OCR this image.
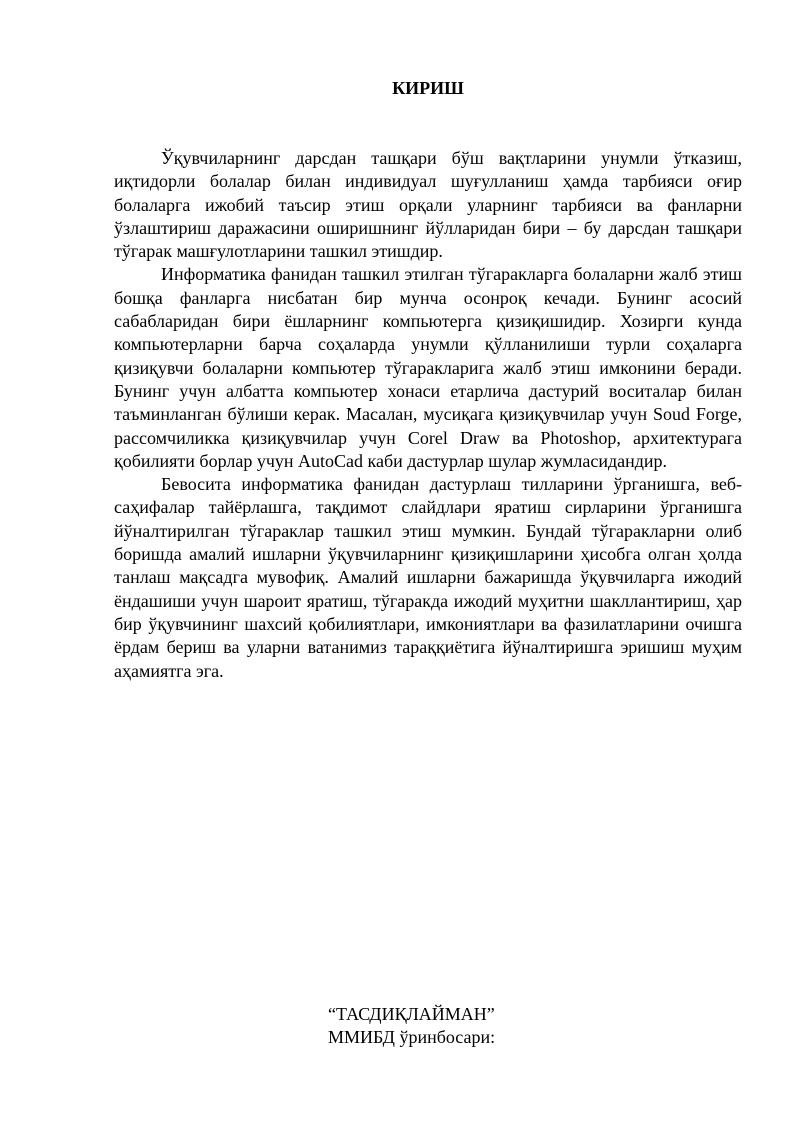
КИРИШ

Ўқувчиларнинг дарсдан ташқари бўш вақтларини унумли ўтказиш, иқтидорли болалар билан индивидуал шуғулланиш ҳамда тарбияси оғир болаларга ижобий таъсир этиш орқали уларнинг тарбияси ва фанларни ўзлаштириш даражасини оширишнинг йўлларидан бири – бу дарсдан ташқари тўгарак машғулотларини ташкил этишдир.

Информатика фанидан ташкил этилган тўгаракларга болаларни жалб этиш бошқа фанларга нисбатан бир мунча осонроқ кечади. Бунинг асосий сабабларидан бири ёшларнинг компьютерга қизиқишидир. Хозирги кунда компьютерларни барча соҳаларда унумли қўлланилиши турли соҳаларга қизиқувчи болаларни компьютер тўгаракларига жалб этиш имконини беради. Бунинг учун албатта компьютер хонаси етарлича дастурий воситалар билан таъминланган бўлиши керак. Масалан, мусиқага қизиқувчилар учун Soud Forge, рассомчиликка қизиқувчилар учун Corel Draw ва Photoshop, архитектурага қобилияти борлар учун AutoCad каби дастурлар шулар жумласидандир.

Бевосита информатика фанидан дастурлаш тилларини ўрганишга, веб-саҳифалар тайёрлашга, тақдимот слайдлари яратиш сирларини ўрганишга йўналтирилган тўгараклар ташкил этиш мумкин. Бундай тўгаракларни олиб боришда амалий ишларни ўқувчиларнинг қизиқишларини ҳисобга олган ҳолда танлаш мақсадга мувофиқ. Амалий ишларни бажаришда ўқувчиларга ижодий ёндашиши учун шароит яратиш, тўгаракда ижодий муҳитни шакллантириш, ҳар бир ўқувчининг шахсий қобилиятлари, имкониятлари ва фазилатларини очишга ёрдам бериш ва уларни ватанимиз тараққиётига йўналтиришга эришиш муҳим аҳамиятга эга.

“ТАСДИҚЛАЙМАН”
ММИБД ўринбосари:
